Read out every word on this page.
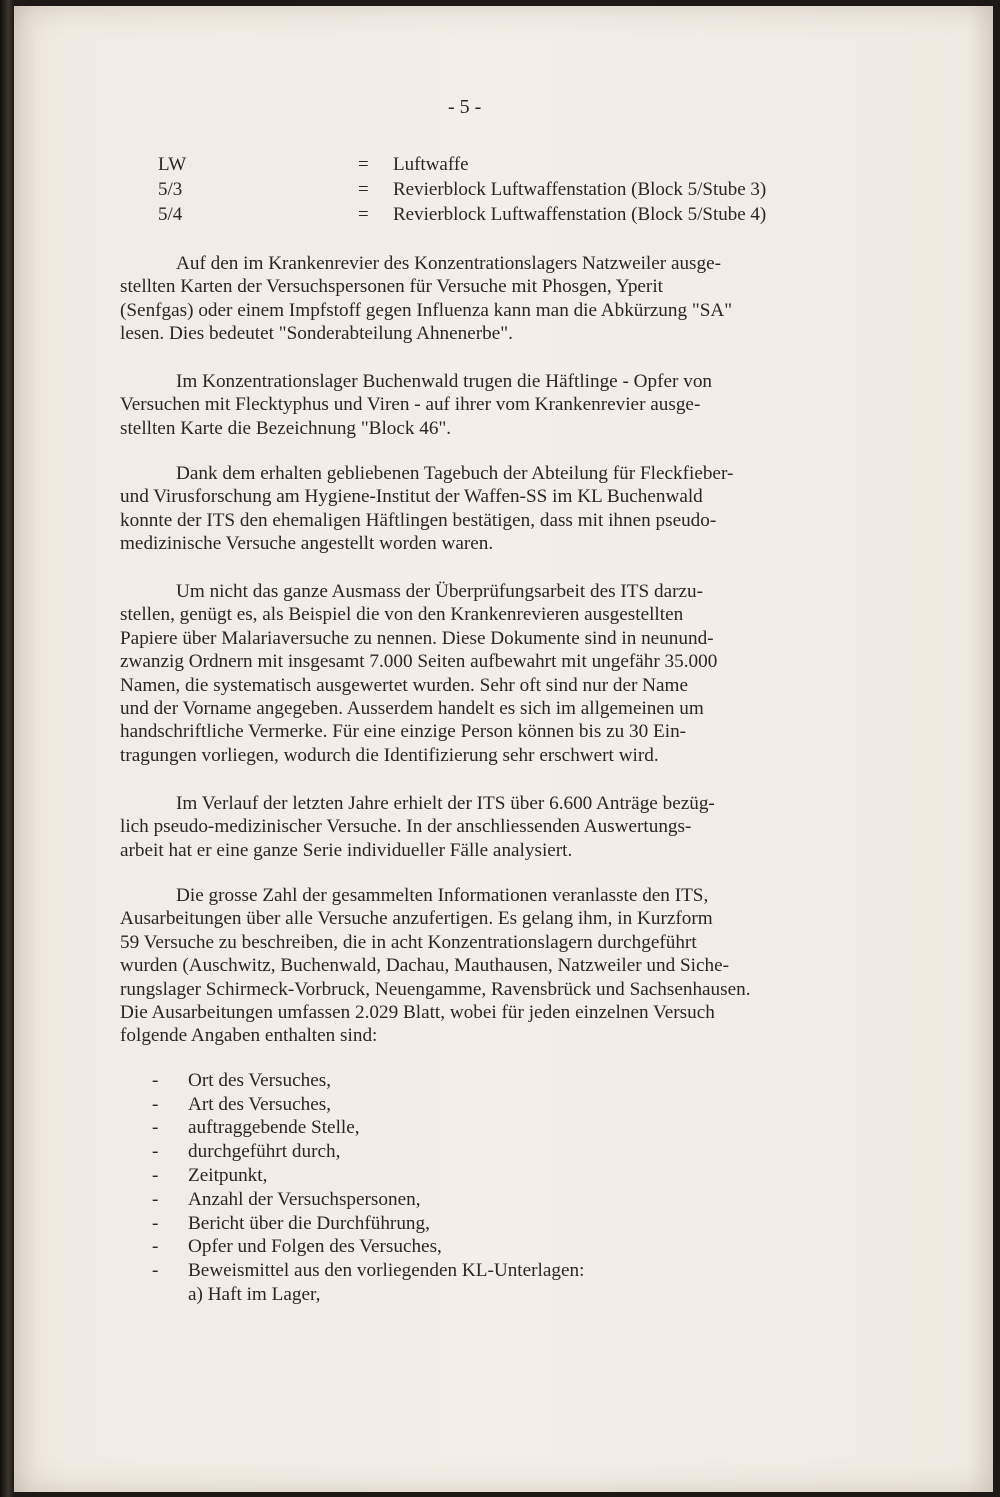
- 5 -
LW	=	Luftwaffe
5/3	=	Revierblock Luftwaffenstation (Block 5/Stube 3)
5/4	=	Revierblock Luftwaffenstation (Block 5/Stube 4)
Auf den im Krankenrevier des Konzentrationslagers Natzweiler ausge-
stellten Karten der Versuchspersonen für Versuche mit Phosgen, Yperit
(Senfgas) oder einem Impfstoff gegen Influenza kann man die Abkürzung "SA"
lesen. Dies bedeutet "Sonderabteilung Ahnenerbe".
Im Konzentrationslager Buchenwald trugen die Häftlinge - Opfer von
Versuchen mit Flecktyphus und Viren - auf ihrer vom Krankenrevier ausge-
stellten Karte die Bezeichnung "Block 46".
Dank dem erhalten gebliebenen Tagebuch der Abteilung für Fleckfieber-
und Virusforschung am Hygiene-Institut der Waffen-SS im KL Buchenwald
konnte der ITS den ehemaligen Häftlingen bestätigen, dass mit ihnen pseudo-
medizinische Versuche angestellt worden waren.
Um nicht das ganze Ausmass der Überprüfungsarbeit des ITS darzu-
stellen, genügt es, als Beispiel die von den Krankenrevieren ausgestellten
Papiere über Malariaversuche zu nennen. Diese Dokumente sind in neunund-
zwanzig Ordnern mit insgesamt 7.000 Seiten aufbewahrt mit ungefähr 35.000
Namen, die systematisch ausgewertet wurden. Sehr oft sind nur der Name
und der Vorname angegeben. Ausserdem handelt es sich im allgemeinen um
handschriftliche Vermerke. Für eine einzige Person können bis zu 30 Ein-
tragungen vorliegen, wodurch die Identifizierung sehr erschwert wird.
Im Verlauf der letzten Jahre erhielt der ITS über 6.600 Anträge bezüg-
lich pseudo-medizinischer Versuche. In der anschliessenden Auswertungs-
arbeit hat er eine ganze Serie individueller Fälle analysiert.
Die grosse Zahl der gesammelten Informationen veranlasste den ITS,
Ausarbeitungen über alle Versuche anzufertigen. Es gelang ihm, in Kurzform
59 Versuche zu beschreiben, die in acht Konzentrationslagern durchgeführt
wurden (Auschwitz, Buchenwald, Dachau, Mauthausen, Natzweiler und Siche-
rungslager Schirmeck-Vorbruck, Neuengamme, Ravensbrück und Sachsenhausen.
Die Ausarbeitungen umfassen 2.029 Blatt, wobei für jeden einzelnen Versuch
folgende Angaben enthalten sind:
-	Ort des Versuches,
-	Art des Versuches,
-	auftraggebende Stelle,
-	durchgeführt durch,
-	Zeitpunkt,
-	Anzahl der Versuchspersonen,
-	Bericht über die Durchführung,
-	Opfer und Folgen des Versuches,
-	Beweismittel aus den vorliegenden KL-Unterlagen:
a) Haft im Lager,
